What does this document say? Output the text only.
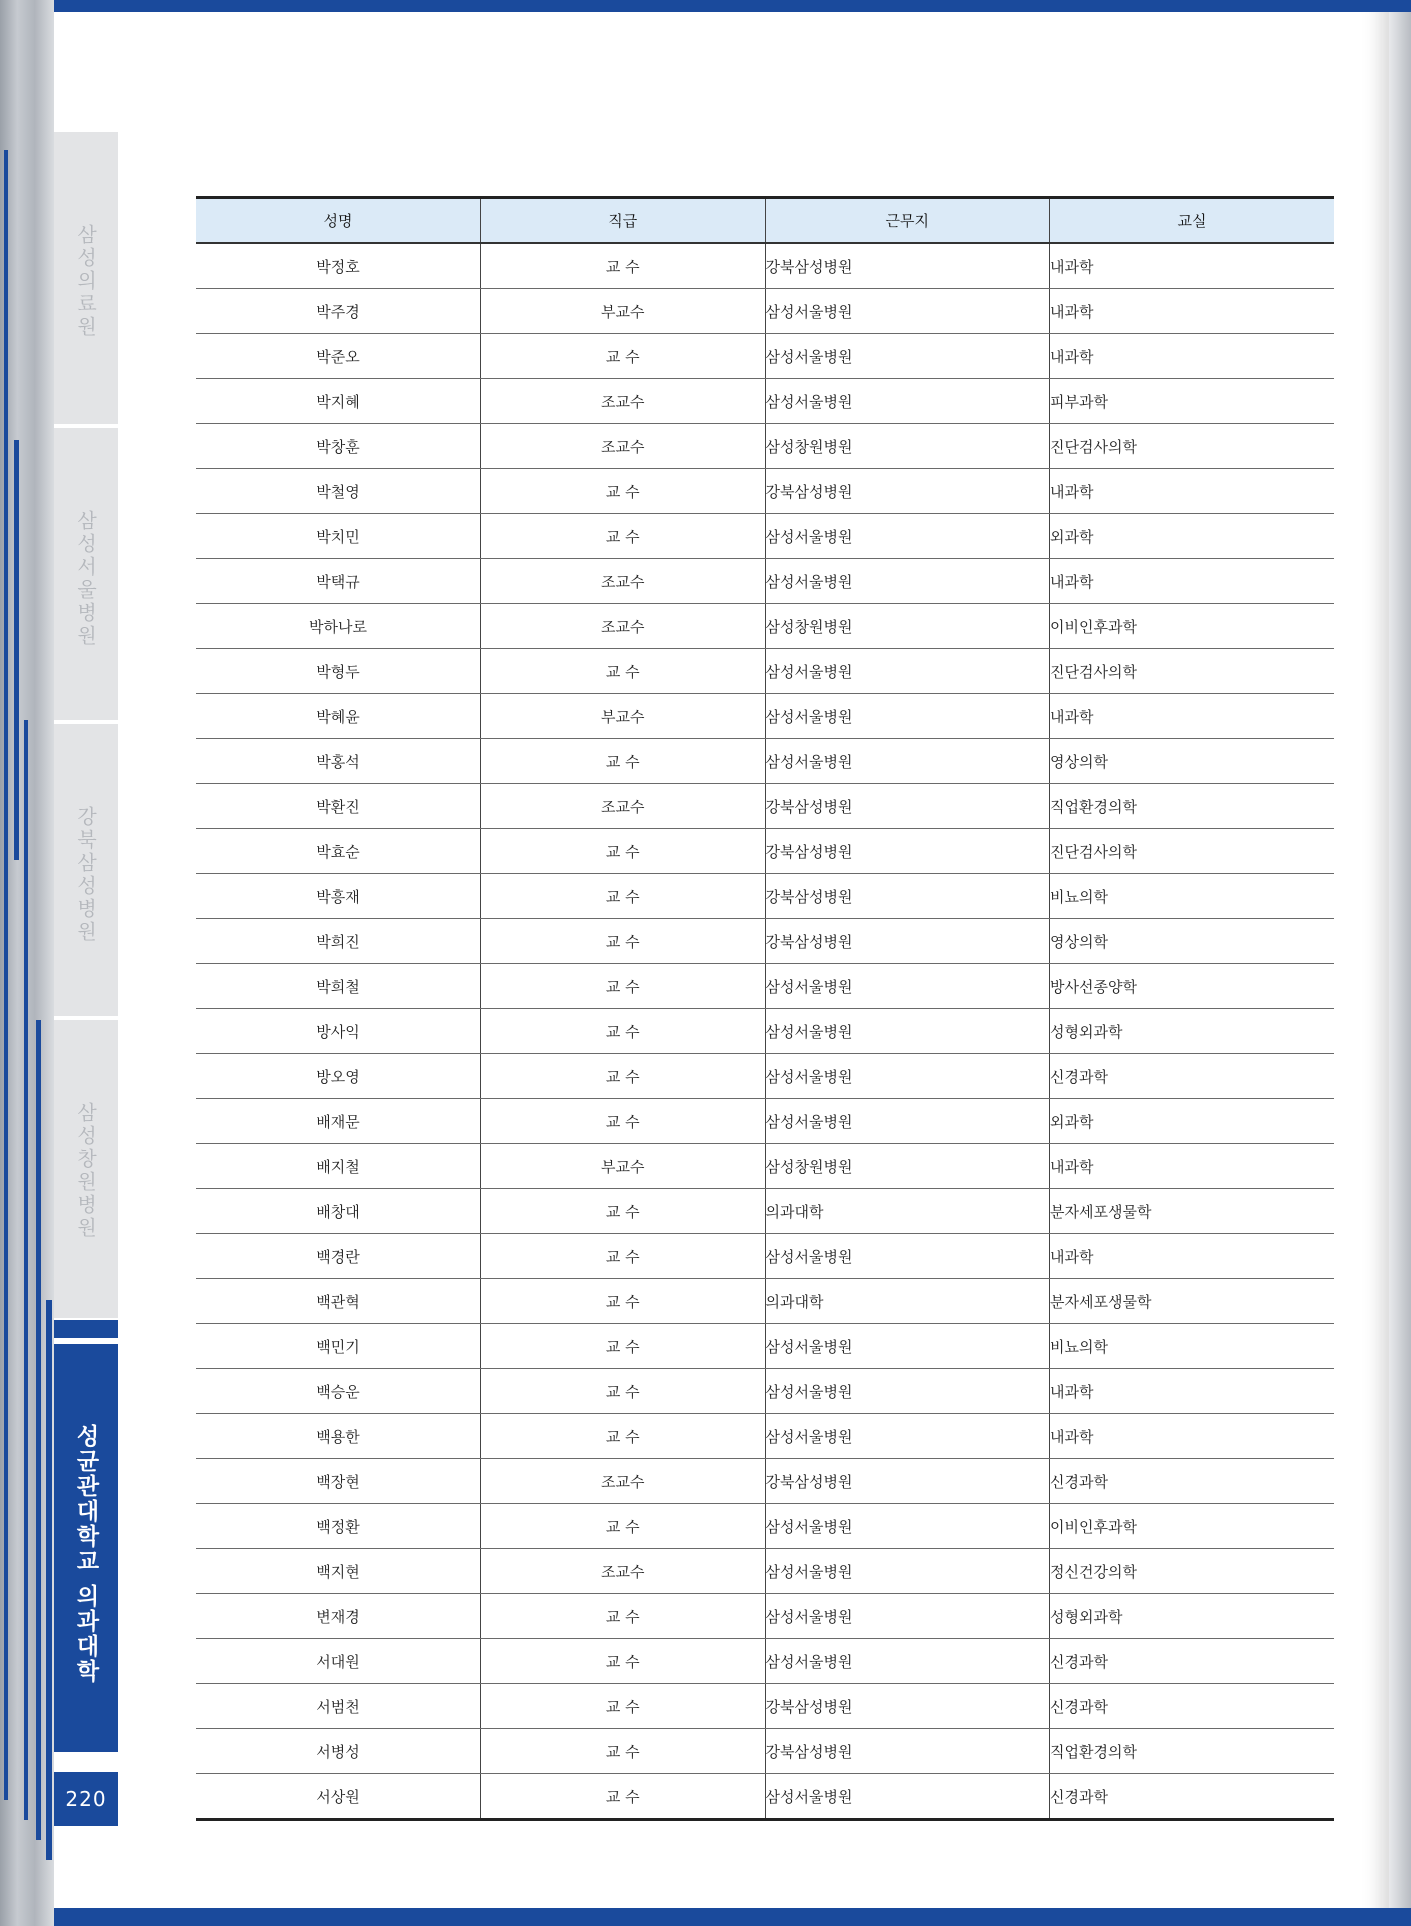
삼성의료원
삼성서울병원
강북삼성병원
삼성창원병원
성균관대학교 의과대학
220
성명	직급	근무지	교실
박정호	교 수	강북삼성병원	내과학
박주경	부교수	삼성서울병원	내과학
박준오	교 수	삼성서울병원	내과학
박지혜	조교수	삼성서울병원	피부과학
박창훈	조교수	삼성창원병원	진단검사의학
박철영	교 수	강북삼성병원	내과학
박치민	교 수	삼성서울병원	외과학
박택규	조교수	삼성서울병원	내과학
박하나로	조교수	삼성창원병원	이비인후과학
박형두	교 수	삼성서울병원	진단검사의학
박혜윤	부교수	삼성서울병원	내과학
박홍석	교 수	삼성서울병원	영상의학
박환진	조교수	강북삼성병원	직업환경의학
박효순	교 수	강북삼성병원	진단검사의학
박흥재	교 수	강북삼성병원	비뇨의학
박희진	교 수	강북삼성병원	영상의학
박희철	교 수	삼성서울병원	방사선종양학
방사익	교 수	삼성서울병원	성형외과학
방오영	교 수	삼성서울병원	신경과학
배재문	교 수	삼성서울병원	외과학
배지철	부교수	삼성창원병원	내과학
배창대	교 수	의과대학	분자세포생물학
백경란	교 수	삼성서울병원	내과학
백관혁	교 수	의과대학	분자세포생물학
백민기	교 수	삼성서울병원	비뇨의학
백승운	교 수	삼성서울병원	내과학
백용한	교 수	삼성서울병원	내과학
백장현	조교수	강북삼성병원	신경과학
백정환	교 수	삼성서울병원	이비인후과학
백지현	조교수	삼성서울병원	정신건강의학
변재경	교 수	삼성서울병원	성형외과학
서대원	교 수	삼성서울병원	신경과학
서범천	교 수	강북삼성병원	신경과학
서병성	교 수	강북삼성병원	직업환경의학
서상원	교 수	삼성서울병원	신경과학
